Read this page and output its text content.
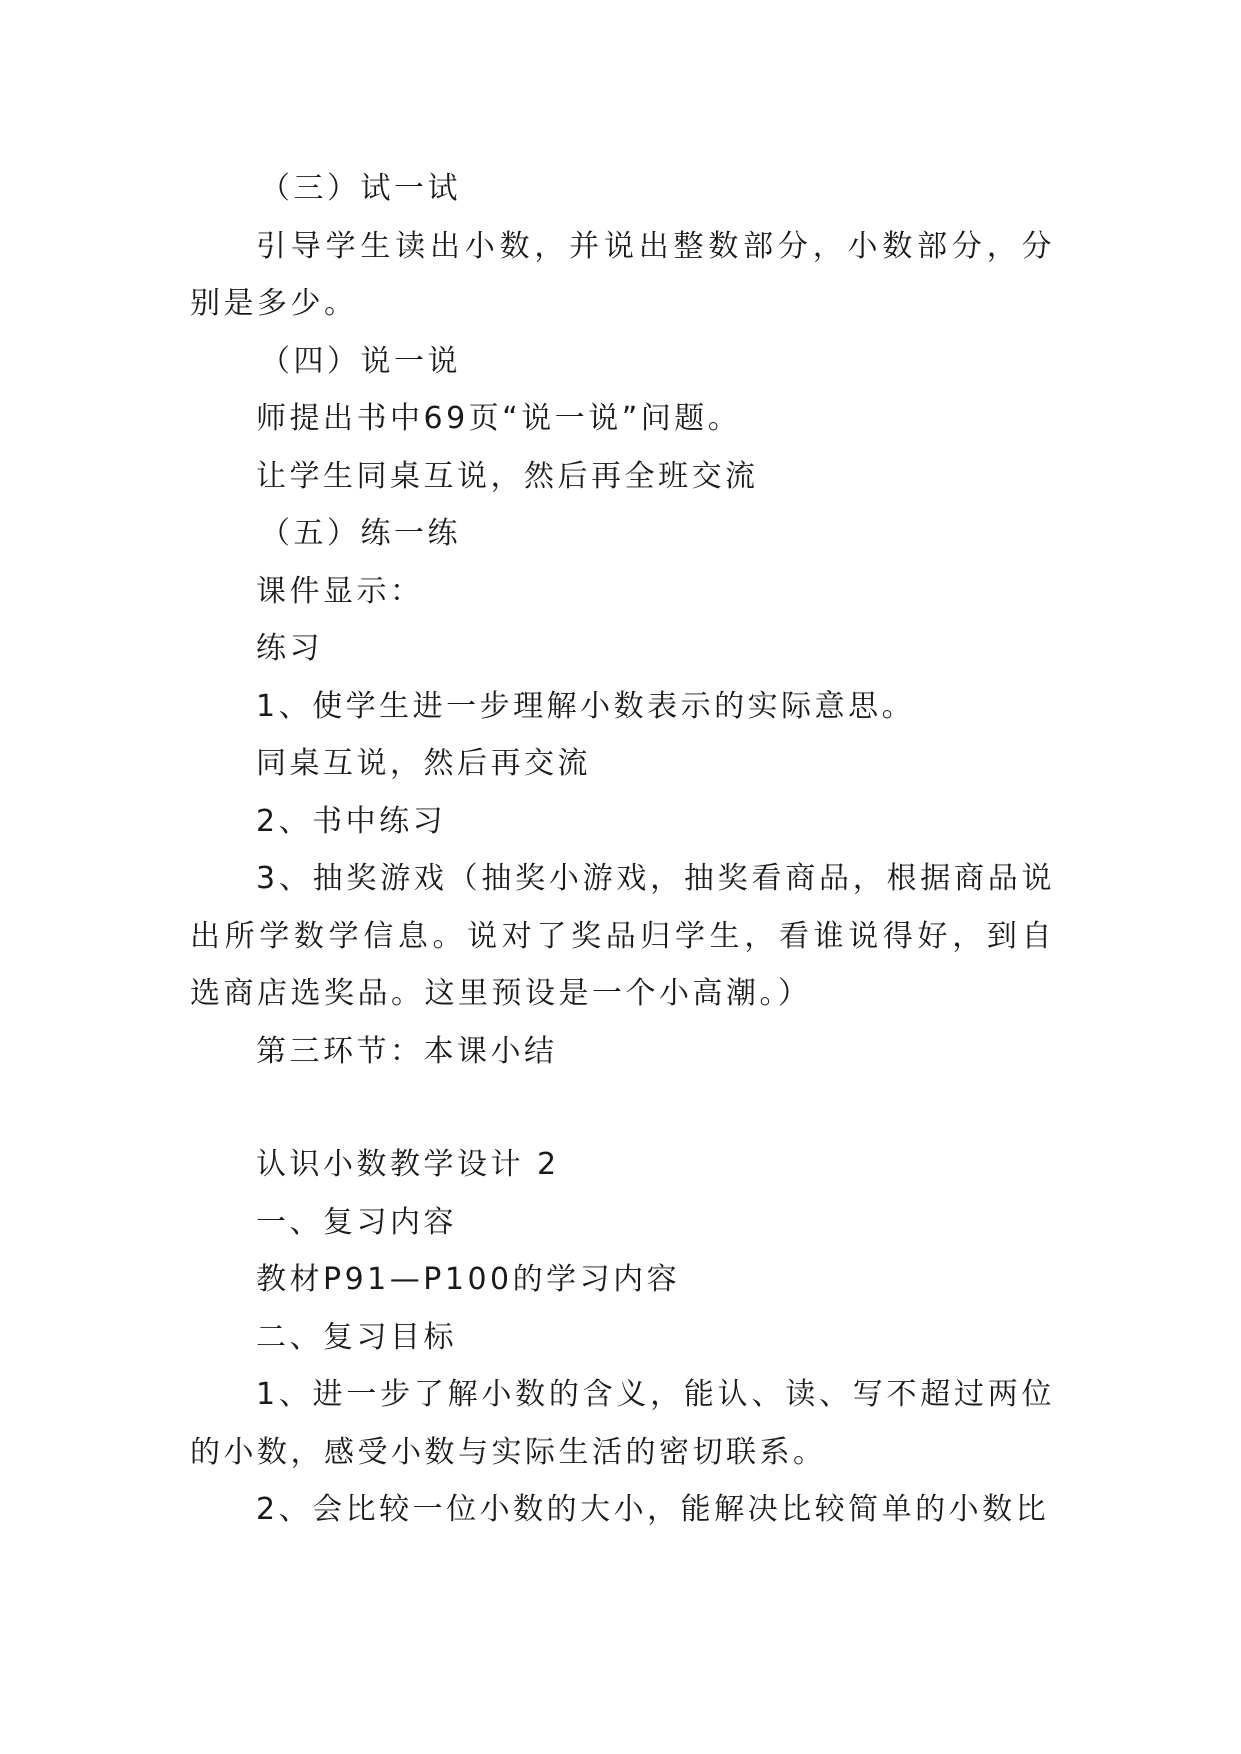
（三）试一试

引导学生读出小数，并说出整数部分，小数部分，分别是多少。

（四）说一说

师提出书中69页“说一说”问题。

让学生同桌互说，然后再全班交流

（五）练一练

课件显示：

练习

1、使学生进一步理解小数表示的实际意思。

同桌互说，然后再交流

2、书中练习

3、抽奖游戏（抽奖小游戏，抽奖看商品，根据商品说出所学数学信息。说对了奖品归学生，看谁说得好，到自选商店选奖品。这里预设是一个小高潮。）

第三环节：本课小结

认识小数教学设计 2

一、复习内容

教材P91—P100的学习内容

二、复习目标

1、进一步了解小数的含义，能认、读、写不超过两位的小数，感受小数与实际生活的密切联系。

2、会比较一位小数的大小，能解决比较简单的小数比
